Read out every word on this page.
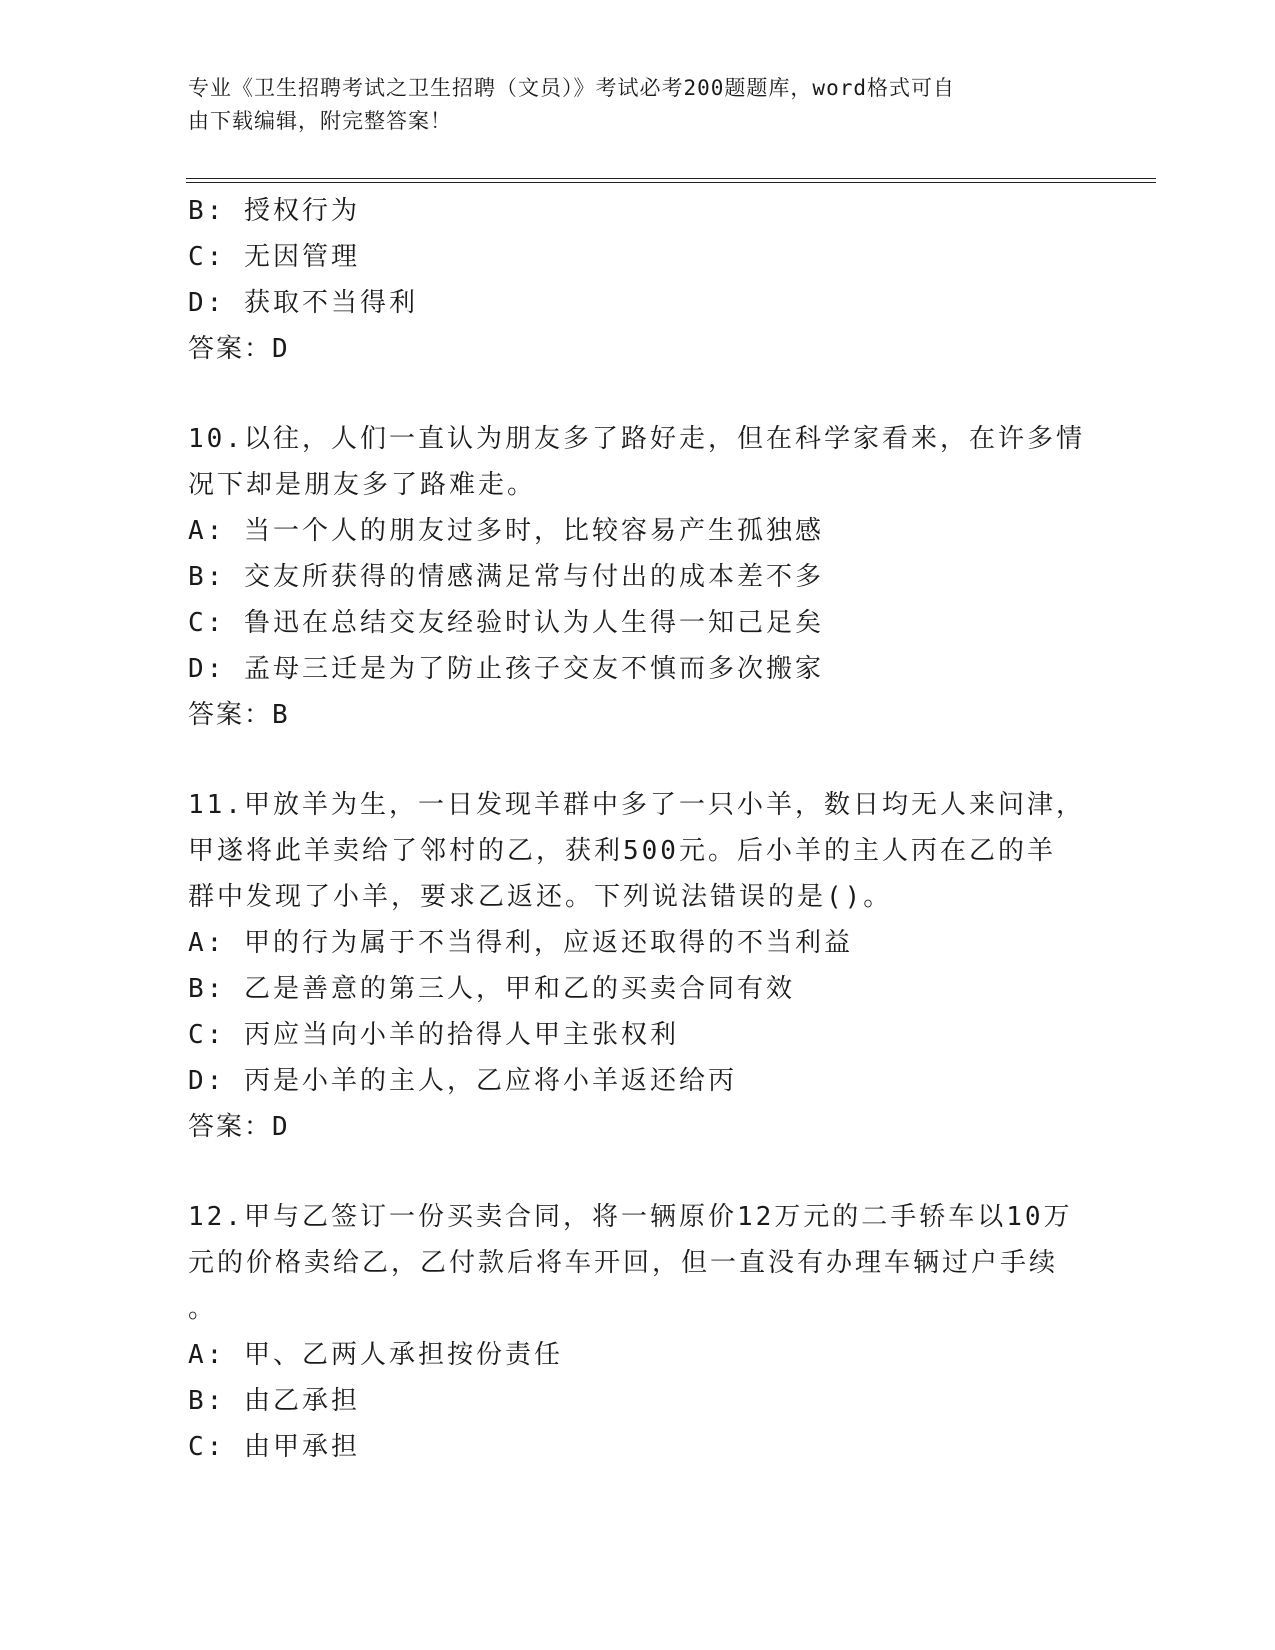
专业《卫生招聘考试之卫生招聘（文员）》考试必考200题题库，word格式可自
由下载编辑，附完整答案！
B: 授权行为
C: 无因管理
D: 获取不当得利
答案：D
10.以往，人们一直认为朋友多了路好走，但在科学家看来，在许多情
况下却是朋友多了路难走。
A: 当一个人的朋友过多时，比较容易产生孤独感
B: 交友所获得的情感满足常与付出的成本差不多
C: 鲁迅在总结交友经验时认为人生得一知己足矣
D: 孟母三迁是为了防止孩子交友不慎而多次搬家
答案：B
11.甲放羊为生，一日发现羊群中多了一只小羊，数日均无人来问津，
甲遂将此羊卖给了邻村的乙，获利500元。后小羊的主人丙在乙的羊
群中发现了小羊，要求乙返还。下列说法错误的是()。
A: 甲的行为属于不当得利，应返还取得的不当利益
B: 乙是善意的第三人，甲和乙的买卖合同有效
C: 丙应当向小羊的拾得人甲主张权利
D: 丙是小羊的主人，乙应将小羊返还给丙
答案：D
12.甲与乙签订一份买卖合同，将一辆原价12万元的二手轿车以10万
元的价格卖给乙，乙付款后将车开回，但一直没有办理车辆过户手续
。
A: 甲、乙两人承担按份责任
B: 由乙承担
C: 由甲承担
